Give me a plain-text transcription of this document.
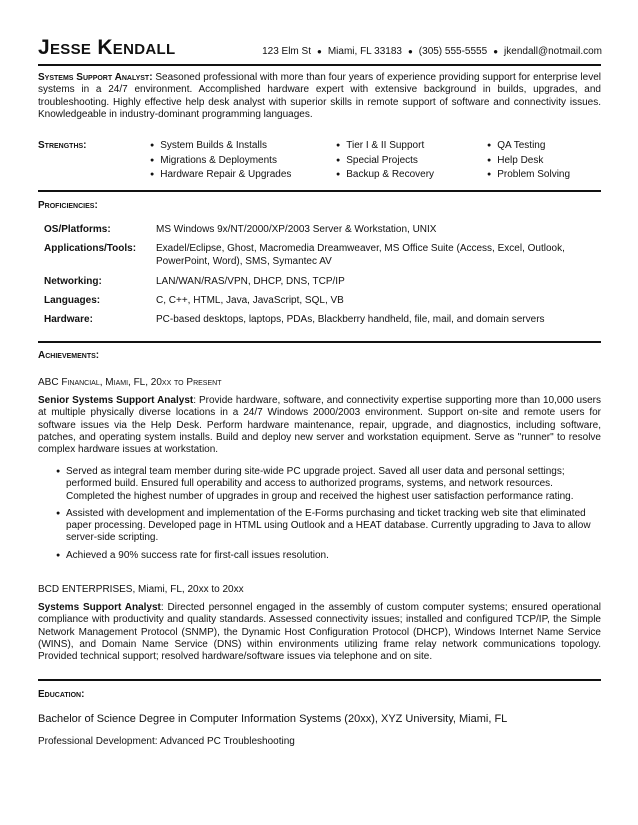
Jesse Kendall	123 Elm St ● Miami, FL 33183 ● (305) 555-5555 ● jkendall@notmail.com
Systems Support Analyst: Seasoned professional with more than four years of experience providing support for enterprise level systems in a 24/7 environment. Accomplished hardware expert with extensive background in builds, upgrades, and troubleshooting. Highly effective help desk analyst with superior skills in remote support of software and connectivity issues. Knowledgeable in industry-dominant programming languages.
Strengths:	● System Builds & Installs
● Migrations & Deployments
● Hardware Repair & Upgrades
● Tier I & II Support
● Special Projects
● Backup & Recovery
● QA Testing
● Help Desk
● Problem Solving
Proficiencies:
OS/Platforms:	MS Windows 9x/NT/2000/XP/2003 Server & Workstation, UNIX
Applications/Tools:	Exadel/Eclipse, Ghost, Macromedia Dreamweaver, MS Office Suite (Access, Excel, Outlook, PowerPoint, Word), SMS, Symantec AV
Networking:	LAN/WAN/RAS/VPN, DHCP, DNS, TCP/IP
Languages:	C, C++, HTML, Java, JavaScript, SQL, VB
Hardware:	PC-based desktops, laptops, PDAs, Blackberry handheld, file, mail, and domain servers
Achievements:
ABC Financial, Miami, FL, 20xx to Present
Senior Systems Support Analyst: Provide hardware, software, and connectivity expertise supporting more than 10,000 users at multiple physically diverse locations in a 24/7 Windows 2000/2003 environment. Support on-site and remote users for software issues via the Help Desk. Perform hardware maintenance, repair, upgrade, and diagnostics, including software, patches, and operating system installs. Build and deploy new server and workstation equipment. Serve as "runner" to resolve complex hardware issues at workstation.
● Served as integral team member during site-wide PC upgrade project. Saved all user data and personal settings; performed build. Ensured full operability and access to authorized programs, systems, and network resources. Completed the highest number of upgrades in group and received the highest user satisfaction performance rating.
● Assisted with development and implementation of the E-Forms purchasing and ticket tracking web site that eliminated paper processing. Developed page in HTML using Outlook and a HEAT database. Currently upgrading to Java to allow server-side scripting.
● Achieved a 90% success rate for first-call issues resolution.
BCD ENTERPRISES, Miami, FL, 20xx to 20xx
Systems Support Analyst: Directed personnel engaged in the assembly of custom computer systems; ensured operational compliance with productivity and quality standards. Assessed connectivity issues; installed and configured TCP/IP, the Simple Network Management Protocol (SNMP), the Dynamic Host Configuration Protocol (DHCP), Windows Internet Name Service (WINS), and Domain Name Service (DNS) within environments utilizing frame relay network communications topology. Provided technical support; resolved hardware/software issues via telephone and on site.
Education:
Bachelor of Science Degree in Computer Information Systems (20xx), XYZ University, Miami, FL
Professional Development: Advanced PC Troubleshooting
